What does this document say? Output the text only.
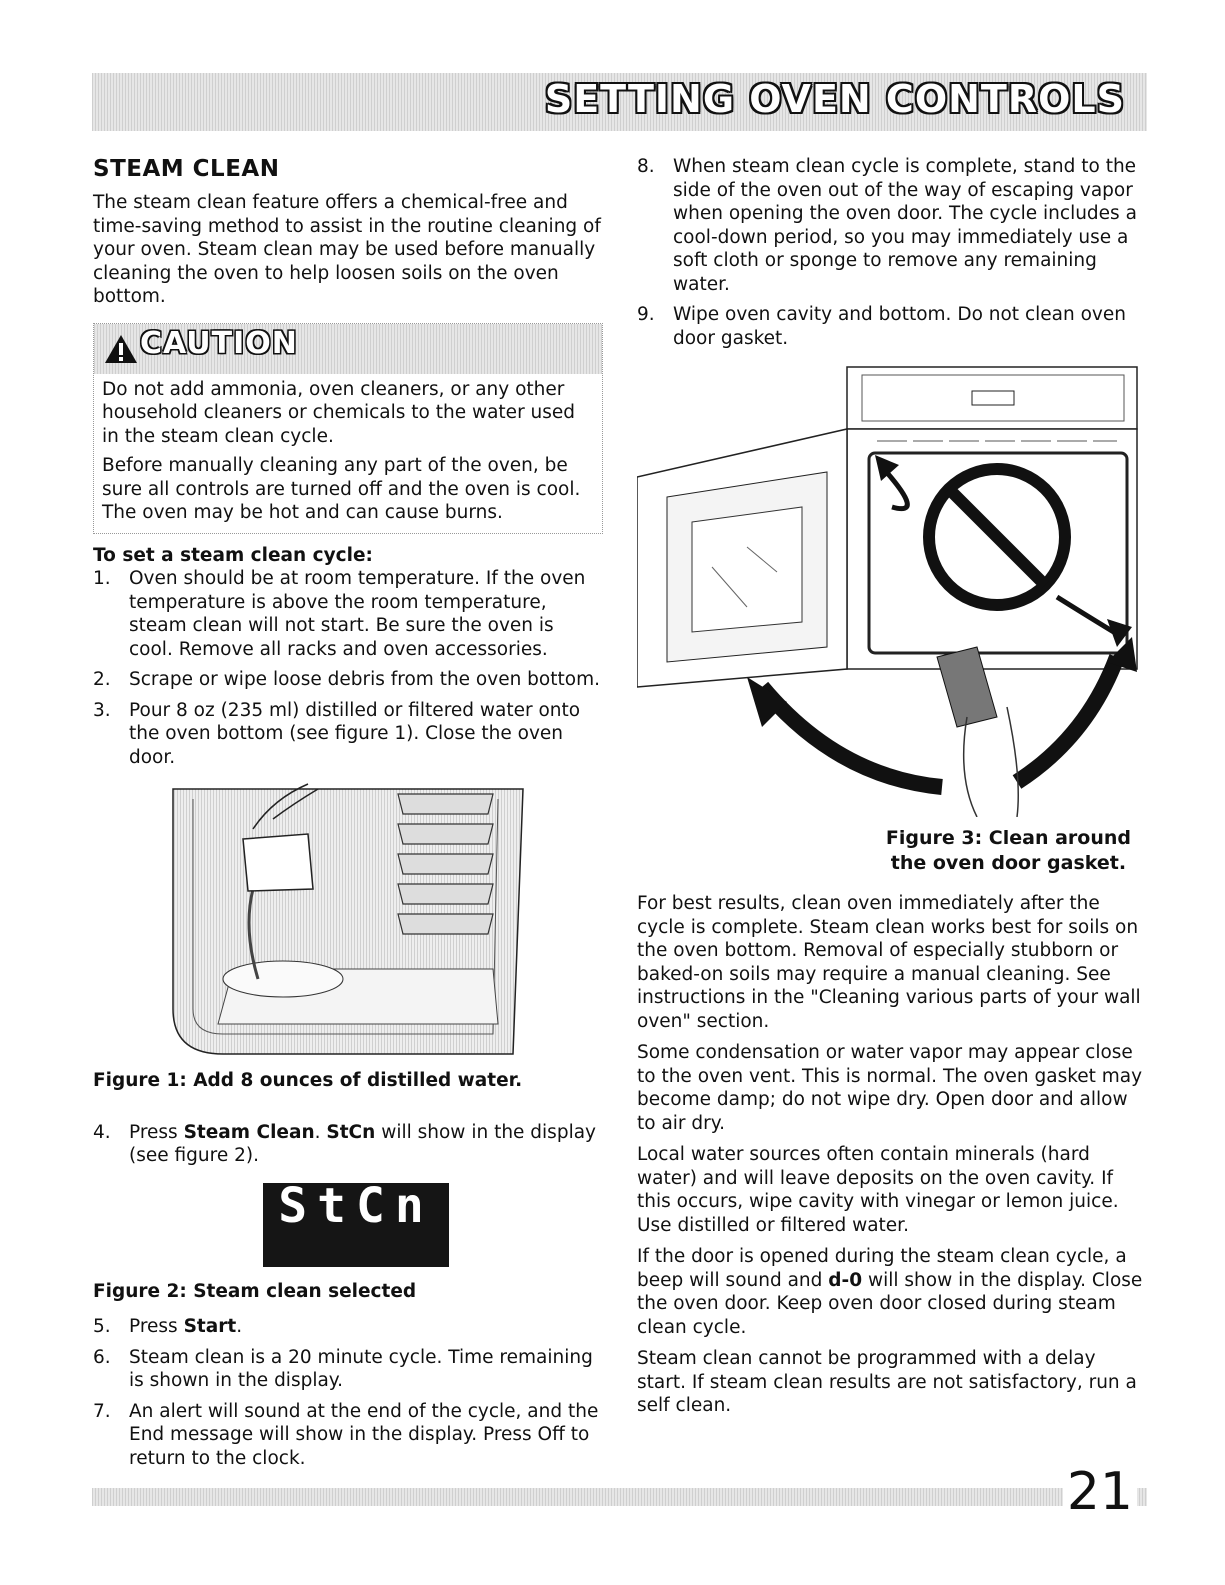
SETTING OVEN CONTROLS
STEAM CLEAN

The steam clean feature offers a chemical-free and time-saving method to assist in the routine cleaning of your oven. Steam clean may be used before manually cleaning the oven to help loosen soils on the oven bottom.

CAUTION

Do not add ammonia, oven cleaners, or any other household cleaners or chemicals to the water used in the steam clean cycle.

Before manually cleaning any part of the oven, be sure all controls are turned off and the oven is cool. The oven may be hot and can cause burns.

To set a steam clean cycle:

1. Oven should be at room temperature. If the oven temperature is above the room temperature, steam clean will not start. Be sure the oven is cool. Remove all racks and oven accessories.
2. Scrape or wipe loose debris from the oven bottom.
3. Pour 8 oz (235 ml) distilled or filtered water onto the oven bottom (see figure 1). Close the oven door.

Figure 1: Add 8 ounces of distilled water.

4. Press Steam Clean. StCn will show in the display (see figure 2).
StCn

Figure 2: Steam clean selected

5. Press Start.
6. Steam clean is a 20 minute cycle. Time remaining is shown in the display.
7. An alert will sound at the end of the cycle, and the End message will show in the display. Press Off to return to the clock.
8. When steam clean cycle is complete, stand to the side of the oven out of the way of escaping vapor when opening the oven door. The cycle includes a cool-down period, so you may immediately use a soft cloth or sponge to remove any remaining water.
9. Wipe oven cavity and bottom. Do not clean oven door gasket.
Figure 3: Clean around
the oven door gasket.

For best results, clean oven immediately after the cycle is complete. Steam clean works best for soils on the oven bottom. Removal of especially stubborn or baked-on soils may require a manual cleaning. See instructions in the "Cleaning various parts of your wall oven" section.

Some condensation or water vapor may appear close to the oven vent. This is normal. The oven gasket may become damp; do not wipe dry. Open door and allow to air dry.

Local water sources often contain minerals (hard water) and will leave deposits on the oven cavity. If this occurs, wipe cavity with vinegar or lemon juice. Use distilled or filtered water.

If the door is opened during the steam clean cycle, a beep will sound and d-0 will show in the display. Close the oven door. Keep oven door closed during steam clean cycle.

Steam clean cannot be programmed with a delay start. If steam clean results are not satisfactory, run a self clean.

21
